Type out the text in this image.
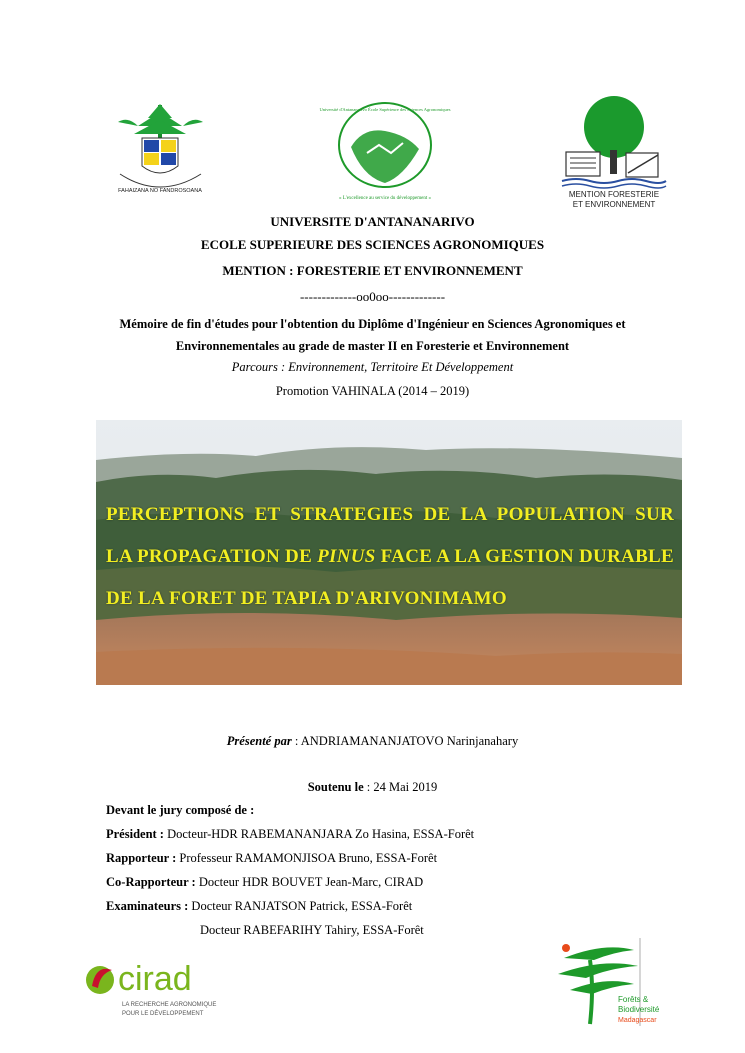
FAHAIZANA NO FANDROSOANA
Université d'Antananarivo École Supérieure des Sciences Agronomiques
« L'excellence au service du développement »	MENTION FORESTERIE
ET ENVIRONNEMENT
UNIVERSITE D'ANTANANARIVO
ECOLE SUPERIEURE DES SCIENCES AGRONOMIQUES
MENTION : FORESTERIE ET ENVIRONNEMENT
-------------oo0oo-------------
Mémoire de fin d'études pour l'obtention du Diplôme d'Ingénieur en Sciences Agronomiques et
Environnementales au grade de master II en Foresterie et Environnement
Parcours : Environnement, Territoire Et Développement
Promotion VAHINALA (2014 – 2019)
PERCEPTIONS ET STRATEGIES DE LA POPULATION SUR LA PROPAGATION DE PINUS FACE A LA GESTION DURABLE DE LA FORET DE TAPIA D'ARIVONIMAMO
Présenté par : ANDRIAMANANJATOVO Narinjanahary
Soutenu le : 24 Mai 2019
Devant le jury composé de :
Président : Docteur-HDR RABEMANANJARA Zo Hasina, ESSA-Forêt
Rapporteur : Professeur RAMAMONJISOA Bruno, ESSA-Forêt
Co-Rapporteur : Docteur HDR BOUVET Jean-Marc, CIRAD
Examinateurs : Docteur RANJATSON Patrick, ESSA-Forêt
Docteur RABEFARIHY Tahiry, ESSA-Forêt
cirad
LA RECHERCHE AGRONOMIQUE
POUR LE DÉVELOPPEMENT
Forêts &
Biodiversité
Madagascar
